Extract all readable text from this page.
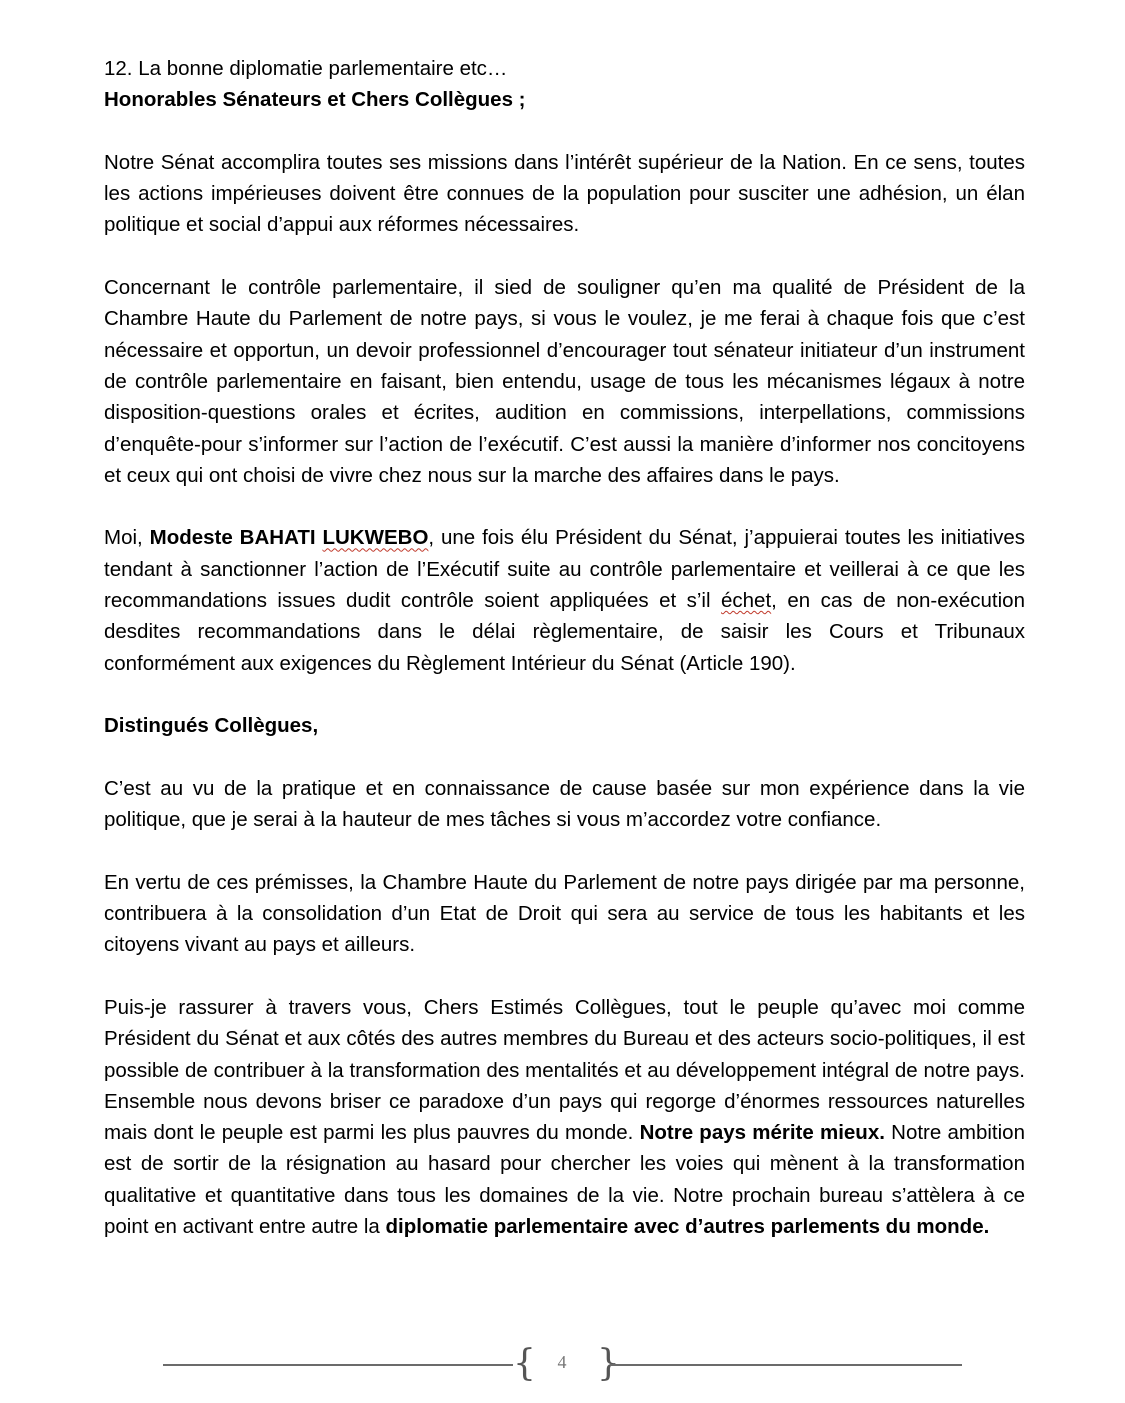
12. La bonne diplomatie parlementaire etc…
Honorables Sénateurs et Chers Collègues ;

Notre Sénat accomplira toutes ses missions dans l’intérêt supérieur de la Nation. En ce sens, toutes les actions impérieuses doivent être connues de la population pour susciter une adhésion, un élan politique et social d’appui aux réformes nécessaires.

Concernant le contrôle parlementaire, il sied de souligner qu’en ma qualité de Président de la Chambre Haute du Parlement de notre pays, si vous le voulez, je me ferai à chaque fois que c’est nécessaire et opportun, un devoir professionnel d’encourager tout sénateur initiateur d’un instrument de contrôle parlementaire en faisant, bien entendu, usage de tous les mécanismes légaux à notre disposition-questions orales et écrites, audition en commissions, interpellations, commissions d’enquête-pour s’informer sur l’action de l’exécutif. C’est aussi la manière d’informer nos concitoyens et ceux qui ont choisi de vivre chez nous sur la marche des affaires dans le pays.

Moi, Modeste BAHATI LUKWEBO, une fois élu Président du Sénat, j’appuierai toutes les initiatives tendant à sanctionner l’action de l’Exécutif suite au contrôle parlementaire et veillerai à ce que les recommandations issues dudit contrôle soient appliquées et s’il échet, en cas de non-exécution desdites recommandations dans le délai règlementaire, de saisir les Cours et Tribunaux conformément aux exigences du Règlement Intérieur du Sénat (Article 190).

Distingués Collègues,

C’est au vu de la pratique et en connaissance de cause basée sur mon expérience dans la vie politique, que je serai à la hauteur de mes tâches si vous m’accordez votre confiance.

En vertu de ces prémisses, la Chambre Haute du Parlement de notre pays dirigée par ma personne, contribuera à la consolidation d’un Etat de Droit qui sera au service de tous les habitants et les citoyens vivant au pays et ailleurs.

Puis-je rassurer à travers vous, Chers Estimés Collègues, tout le peuple qu’avec moi comme Président du Sénat et aux côtés des autres membres du Bureau et des acteurs socio-politiques, il est possible de contribuer à la transformation des mentalités et au développement intégral de notre pays. Ensemble nous devons briser ce paradoxe d’un pays qui regorge d’énormes ressources naturelles mais dont le peuple est parmi les plus pauvres du monde. Notre pays mérite mieux. Notre ambition est de sortir de la résignation au hasard pour chercher les voies qui mènent à la transformation qualitative et quantitative dans tous les domaines de la vie. Notre prochain bureau s’attèlera à ce point en activant entre autre la diplomatie parlementaire avec d’autres parlements du monde.

{	4 }
